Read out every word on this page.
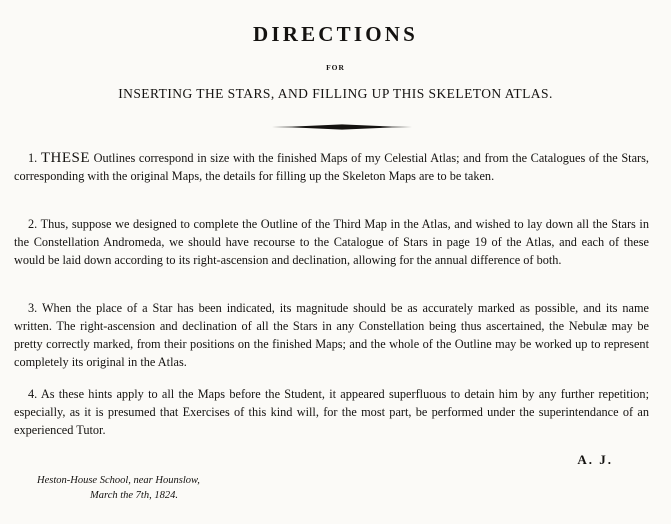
DIRECTIONS
FOR
INSERTING THE STARS, AND FILLING UP THIS SKELETON ATLAS.

1. THESE Outlines correspond in size with the finished Maps of my Celestial Atlas; and from the Catalogues of the Stars, corresponding with the original Maps, the details for filling up the Skeleton Maps are to be taken.

2. Thus, suppose we designed to complete the Outline of the Third Map in the Atlas, and wished to lay down all the Stars in the Constellation Andromeda, we should have recourse to the Catalogue of Stars in page 19 of the Atlas, and each of these would be laid down according to its right-ascension and declination, allowing for the annual difference of both.

3. When the place of a Star has been indicated, its magnitude should be as accurately marked as possible, and its name written. The right-ascension and declination of all the Stars in any Constellation being thus ascertained, the Nebulæ may be pretty correctly marked, from their positions on the finished Maps; and the whole of the Outline may be worked up to represent completely its original in the Atlas.

4. As these hints apply to all the Maps before the Student, it appeared superfluous to detain him by any further repetition; especially, as it is presumed that Exercises of this kind will, for the most part, be performed under the superintendance of an experienced Tutor.

A. J.
Heston-House School, near Hounslow,
March the 7th, 1824.
